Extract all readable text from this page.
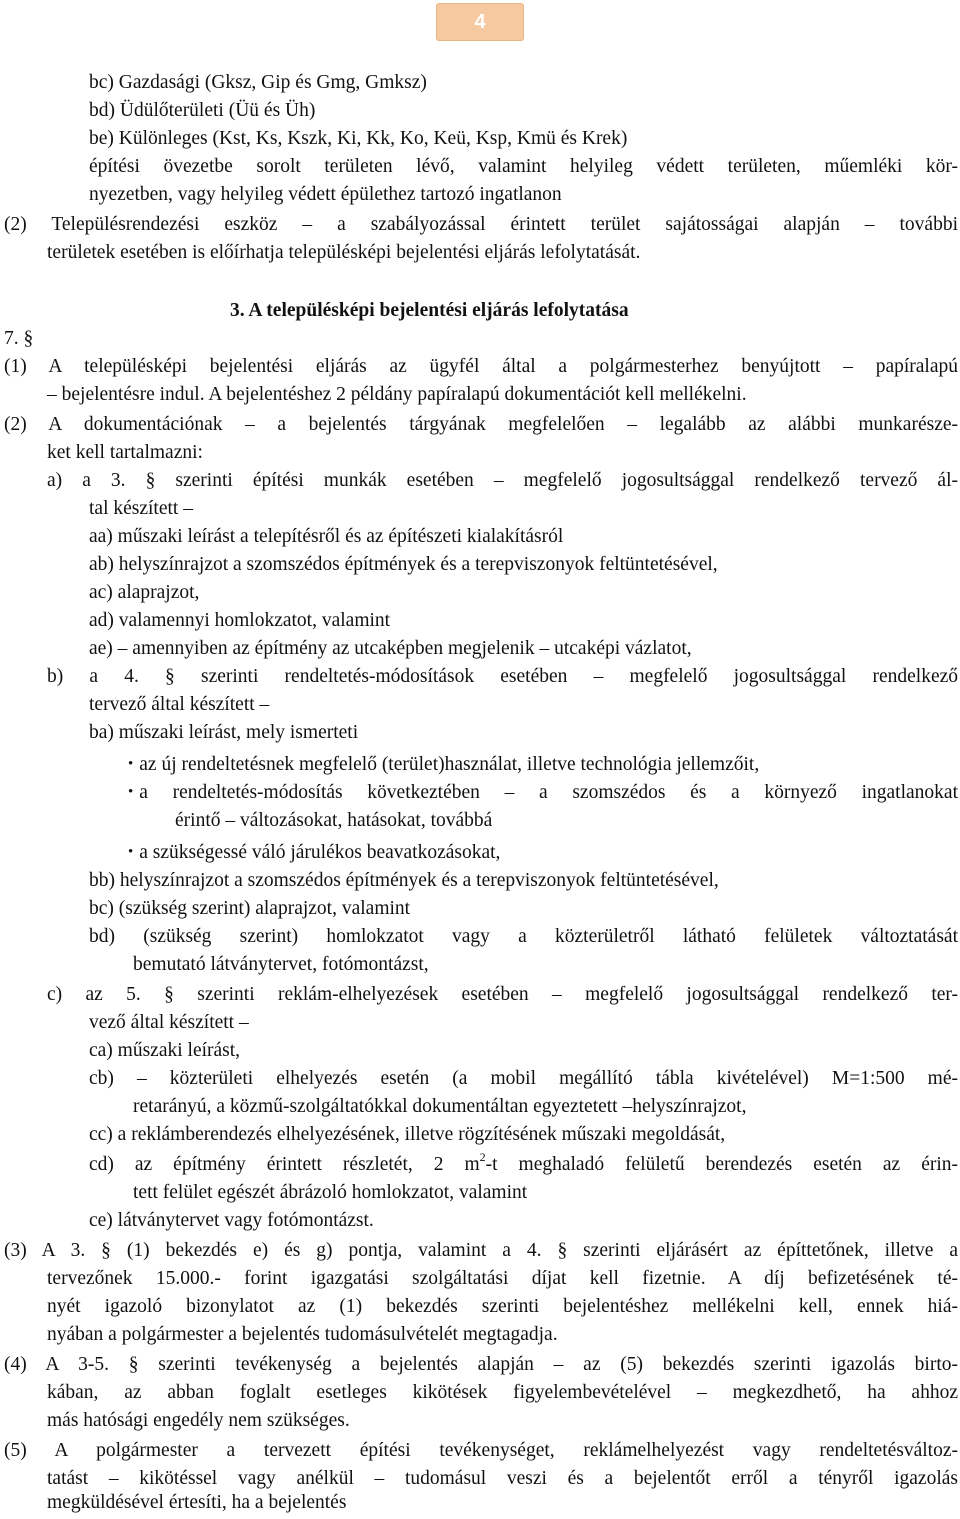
4
bc) Gazdasági (Gksz, Gip és Gmg, Gmksz)
bd) Üdülőterületi (Üü és Üh)
be) Különleges (Kst, Ks, Kszk, Ki, Kk, Ko, Keü, Ksp, Kmü és Krek)
építési övezetbe sorolt területen lévő, valamint helyileg védett területen, műemléki kör-
nyezetben, vagy helyileg védett épülethez tartozó ingatlanon
(2) Településrendezési eszköz – a szabályozással érintett terület sajátosságai alapján – további
területek esetében is előírhatja településképi bejelentési eljárás lefolytatását.
3. A településképi bejelentési eljárás lefolytatása
7. §
(1) A településképi bejelentési eljárás az ügyfél által a polgármesterhez benyújtott – papíralapú
– bejelentésre indul. A bejelentéshez 2 példány papíralapú dokumentációt kell mellékelni.
(2) A dokumentációnak – a bejelentés tárgyának megfelelően – legalább az alábbi munkarésze-
ket kell tartalmazni:
a) a 3. § szerinti építési munkák esetében – megfelelő jogosultsággal rendelkező tervező ál-
tal készített –
aa) műszaki leírást a telepítésről és az építészeti kialakításról
ab) helyszínrajzot a szomszédos építmények és a terepviszonyok feltüntetésével,
ac) alaprajzot,
ad) valamennyi homlokzatot, valamint
ae) – amennyiben az építmény az utcaképben megjelenik – utcaképi vázlatot,
b) a 4. § szerinti rendeltetés-módosítások esetében – megfelelő jogosultsággal rendelkező
tervező által készített –
ba) műszaki leírást, mely ismerteti
• az új rendeltetésnek megfelelő (terület)használat, illetve technológia jellemzőit,
• a rendeltetés-módosítás következtében – a szomszédos és a környező ingatlanokat
érintő – változásokat, hatásokat, továbbá
• a szükségessé váló járulékos beavatkozásokat,
bb) helyszínrajzot a szomszédos építmények és a terepviszonyok feltüntetésével,
bc) (szükség szerint) alaprajzot, valamint
bd) (szükség szerint) homlokzatot vagy a közterületről látható felületek változtatását
bemutató látványtervet, fotómontázst,
c) az 5. § szerinti reklám-elhelyezések esetében – megfelelő jogosultsággal rendelkező ter-
vező által készített –
ca) műszaki leírást,
cb) – közterületi elhelyezés esetén (a mobil megállító tábla kivételével) M=1:500 mé-
retarányú, a közmű-szolgáltatókkal dokumentáltan egyeztetett –helyszínrajzot,
cc) a reklámberendezés elhelyezésének, illetve rögzítésének műszaki megoldását,
cd) az építmény érintett részletét, 2 $m^2-t$ meghaladó felületű berendezés esetén az érin-
tett felület egészét ábrázoló homlokzatot, valamint
ce) látványtervet vagy fotómontázst.
(3) A 3. § (1) bekezdés e) és g) pontja, valamint a 4. § szerinti eljárásért az építtetőnek, illetve a
tervezőnek 15.000.- forint igazgatási szolgáltatási díjat kell fizetnie. A díj befizetésének té-
nyét igazoló bizonylatot az (1) bekezdés szerinti bejelentéshez mellékelni kell, ennek hiá-
nyában a polgármester a bejelentés tudomásulvételét megtagadja.
(4) A 3-5. § szerinti tevékenység a bejelentés alapján – az (5) bekezdés szerinti igazolás birto-
kában, az abban foglalt esetleges kikötések figyelembevételével – megkezdhető, ha ahhoz
más hatósági engedély nem szükséges.
(5) A polgármester a tervezett építési tevékenységet, reklámelhelyezést vagy rendeltetésváltoz-
tatást – kikötéssel vagy anélkül – tudomásul veszi és a bejelentőt erről a tényről igazolás
megküldésével értesíti, ha a bejelentés
